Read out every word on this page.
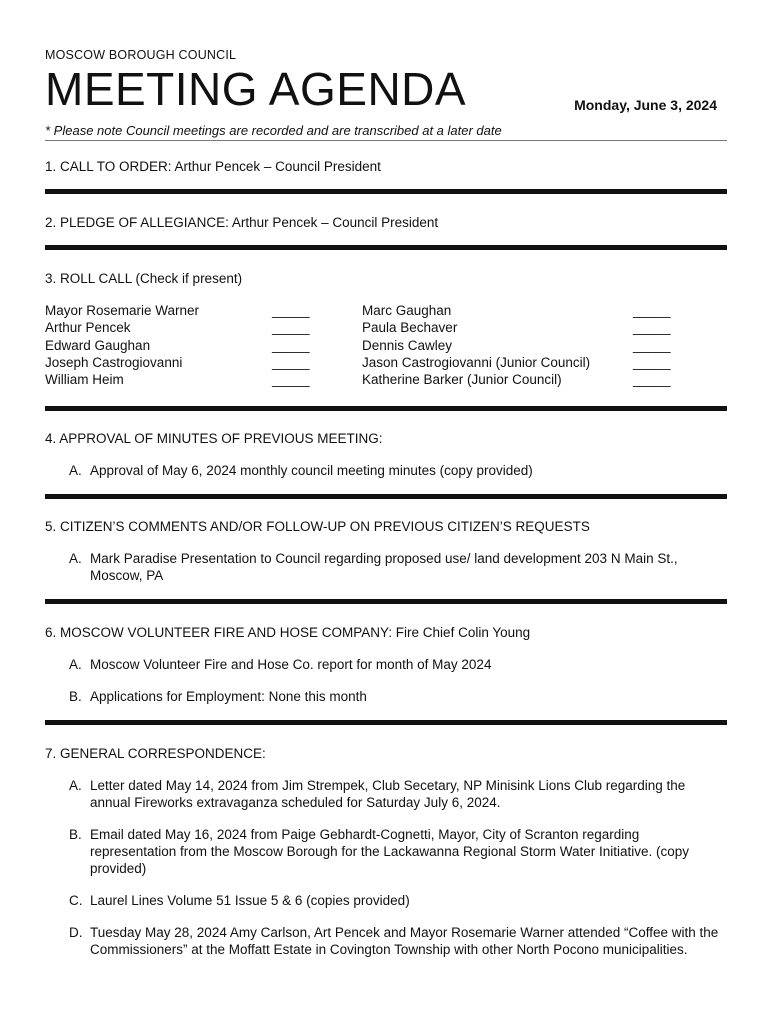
MOSCOW BOROUGH COUNCIL
MEETING AGENDA	Monday, June 3, 2024
* Please note Council meetings are recorded and are transcribed at a later date
1. CALL TO ORDER: Arthur Pencek – Council President
2. PLEDGE OF ALLEGIANCE: Arthur Pencek – Council President
3. ROLL CALL (Check if present)
Mayor Rosemarie Warner	_____	Marc Gaughan	_____
Arthur Pencek	_____	Paula Bechaver	_____
Edward Gaughan	_____	Dennis Cawley	_____
Joseph Castrogiovanni	_____	Jason Castrogiovanni (Junior Council)	_____
William Heim	_____	Katherine Barker (Junior Council)	_____
4. APPROVAL OF MINUTES OF PREVIOUS MEETING:
A. Approval of May 6, 2024 monthly council meeting minutes (copy provided)
5. CITIZEN’S COMMENTS AND/OR FOLLOW-UP ON PREVIOUS CITIZEN’S REQUESTS
A. Mark Paradise Presentation to Council regarding proposed use/ land development 203 N Main St., Moscow, PA
6. MOSCOW VOLUNTEER FIRE AND HOSE COMPANY: Fire Chief Colin Young
A. Moscow Volunteer Fire and Hose Co. report for month of May 2024
B. Applications for Employment: None this month
7. GENERAL CORRESPONDENCE:
A. Letter dated May 14, 2024 from Jim Strempek, Club Secetary, NP Minisink Lions Club regarding the annual Fireworks extravaganza scheduled for Saturday July 6, 2024.
B. Email dated May 16, 2024 from Paige Gebhardt-Cognetti, Mayor, City of Scranton regarding representation from the Moscow Borough for the Lackawanna Regional Storm Water Initiative. (copy provided)
C. Laurel Lines Volume 51 Issue 5 & 6 (copies provided)
D. Tuesday May 28, 2024 Amy Carlson, Art Pencek and Mayor Rosemarie Warner attended “Coffee with the Commissioners” at the Moffatt Estate in Covington Township with other North Pocono municipalities.
